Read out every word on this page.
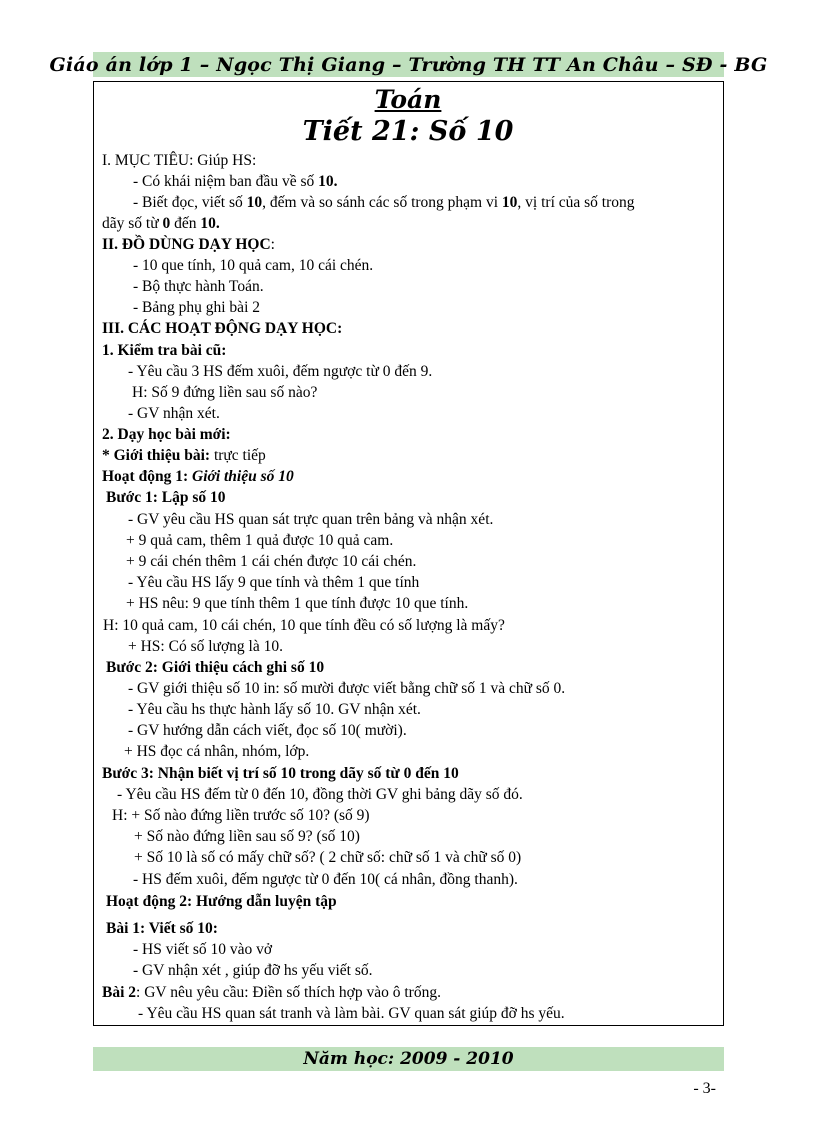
Giáo án lớp 1 – Ngọc Thị Giang – Trường TH TT An Châu – SĐ - BG
Toán
Tiết 21: Số 10
I. MỤC TIÊU: Giúp HS:
- Có khái niệm ban đầu về số 10.
- Biết đọc, viết số 10, đếm và so sánh các số trong phạm vi 10, vị trí của số trong
dãy số từ 0 đến 10.
II. ĐỒ DÙNG DẠY HỌC:
- 10 que tính, 10 quả cam, 10 cái chén.
- Bộ thực hành Toán.
- Bảng phụ ghi bài 2
III. CÁC HOẠT ĐỘNG DẠY HỌC:
1. Kiểm tra bài cũ:
- Yêu cầu 3 HS đếm xuôi, đếm ngược từ 0 đến 9.
H: Số 9 đứng liền sau số nào?
- GV nhận xét.
2. Dạy học bài mới:
* Giới thiệu bài: trực tiếp
Hoạt động 1: Giới thiệu số 10
Bước 1: Lập số 10
- GV yêu cầu HS quan sát trực quan trên bảng và nhận xét.
+ 9 quả cam, thêm 1 quả được 10 quả cam.
+ 9 cái chén thêm 1 cái chén được 10 cái chén.
- Yêu cầu HS lấy 9 que tính và thêm 1 que tính
+ HS nêu: 9 que tính thêm 1 que tính được 10 que tính.
H: 10 quả cam, 10 cái chén, 10 que tính đều có số lượng là mấy?
+ HS: Có số lượng là 10.
Bước 2: Giới thiệu cách ghi số 10
- GV giới thiệu số 10 in: số mười được viết bằng chữ số 1 và chữ số 0.
- Yêu cầu hs thực hành lấy số 10. GV nhận xét.
- GV hướng dẫn cách viết, đọc số 10( mười).
+ HS đọc cá nhân, nhóm, lớp.
Bước 3: Nhận biết vị trí số 10 trong dãy số từ 0 đến 10
- Yêu cầu HS đếm từ 0 đến 10, đồng thời GV ghi bảng dãy số đó.
H: + Số nào đứng liền trước số 10? (số 9)
+ Số nào đứng liền sau số 9? (số 10)
+ Số 10 là số có mấy chữ số? ( 2 chữ số: chữ số 1 và chữ số 0)
- HS đếm xuôi, đếm ngược từ 0 đến 10( cá nhân, đồng thanh).
Hoạt động 2: Hướng dẫn luyện tập
Bài 1: Viết số 10:
- HS viết số 10 vào vở
- GV nhận xét , giúp đỡ hs yếu viết số.
Bài 2: GV nêu yêu cầu: Điền số thích hợp vào ô trống.
- Yêu cầu HS quan sát tranh và làm bài. GV quan sát giúp đỡ hs yếu.
Năm học: 2009 - 2010
- 3-
